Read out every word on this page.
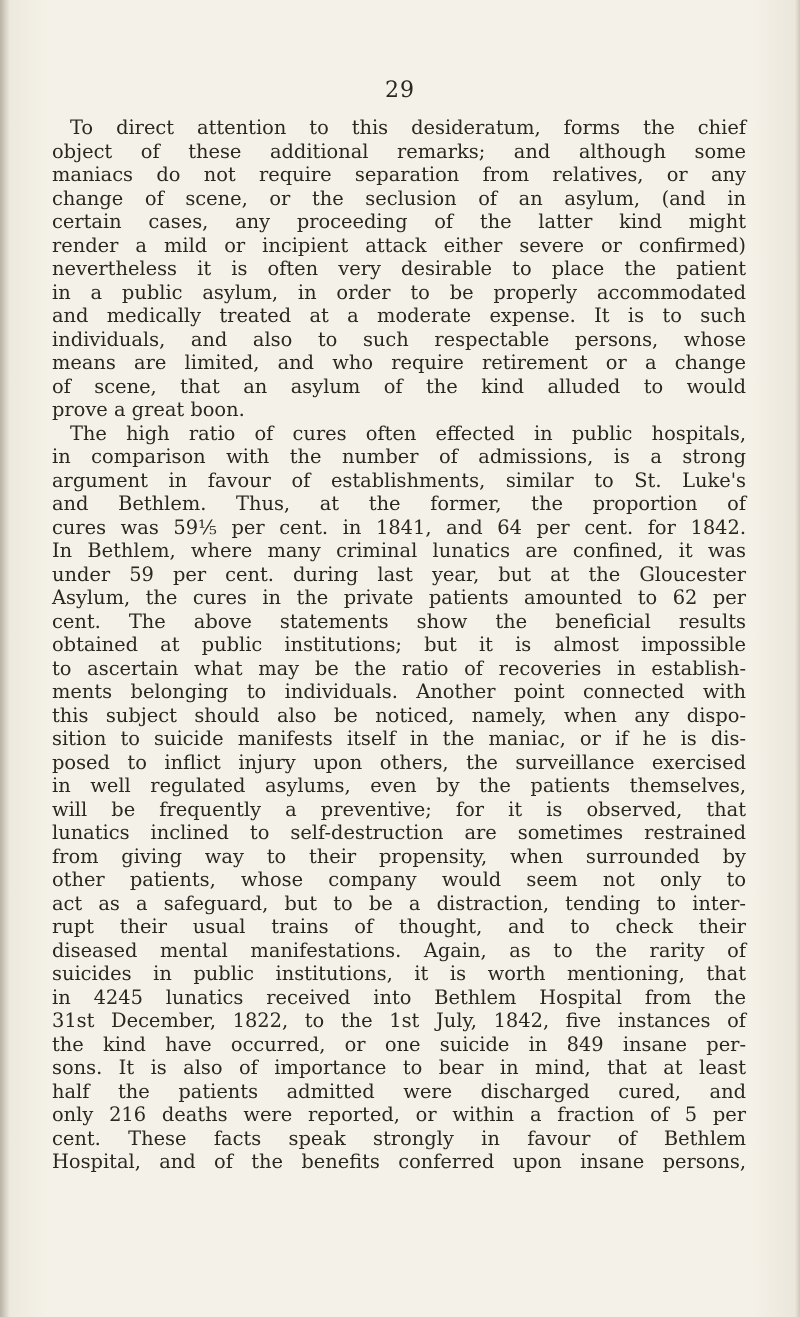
29
To direct attention to this desideratum, forms the chief
object of these additional remarks; and although some
maniacs do not require separation from relatives, or any
change of scene, or the seclusion of an asylum, (and in
certain cases, any proceeding of the latter kind might
render a mild or incipient attack either severe or confirmed)
nevertheless it is often very desirable to place the patient
in a public asylum, in order to be properly accommodated
and medically treated at a moderate expense. It is to such
individuals, and also to such respectable persons, whose
means are limited, and who require retirement or a change
of scene, that an asylum of the kind alluded to would
prove a great boon.
The high ratio of cures often effected in public hospitals,
in comparison with the number of admissions, is a strong
argument in favour of establishments, similar to St. Luke's
and Bethlem. Thus, at the former, the proportion of
cures was 59⅕ per cent. in 1841, and 64 per cent. for 1842.
In Bethlem, where many criminal lunatics are confined, it was
under 59 per cent. during last year, but at the Gloucester
Asylum, the cures in the private patients amounted to 62 per
cent. The above statements show the beneficial results
obtained at public institutions; but it is almost impossible
to ascertain what may be the ratio of recoveries in establish-
ments belonging to individuals. Another point connected with
this subject should also be noticed, namely, when any dispo-
sition to suicide manifests itself in the maniac, or if he is dis-
posed to inflict injury upon others, the surveillance exercised
in well regulated asylums, even by the patients themselves,
will be frequently a preventive; for it is observed, that
lunatics inclined to self-destruction are sometimes restrained
from giving way to their propensity, when surrounded by
other patients, whose company would seem not only to
act as a safeguard, but to be a distraction, tending to inter-
rupt their usual trains of thought, and to check their
diseased mental manifestations. Again, as to the rarity of
suicides in public institutions, it is worth mentioning, that
in 4245 lunatics received into Bethlem Hospital from the
31st December, 1822, to the 1st July, 1842, five instances of
the kind have occurred, or one suicide in 849 insane per-
sons. It is also of importance to bear in mind, that at least
half the patients admitted were discharged cured, and
only 216 deaths were reported, or within a fraction of 5 per
cent. These facts speak strongly in favour of Bethlem
Hospital, and of the benefits conferred upon insane persons,
